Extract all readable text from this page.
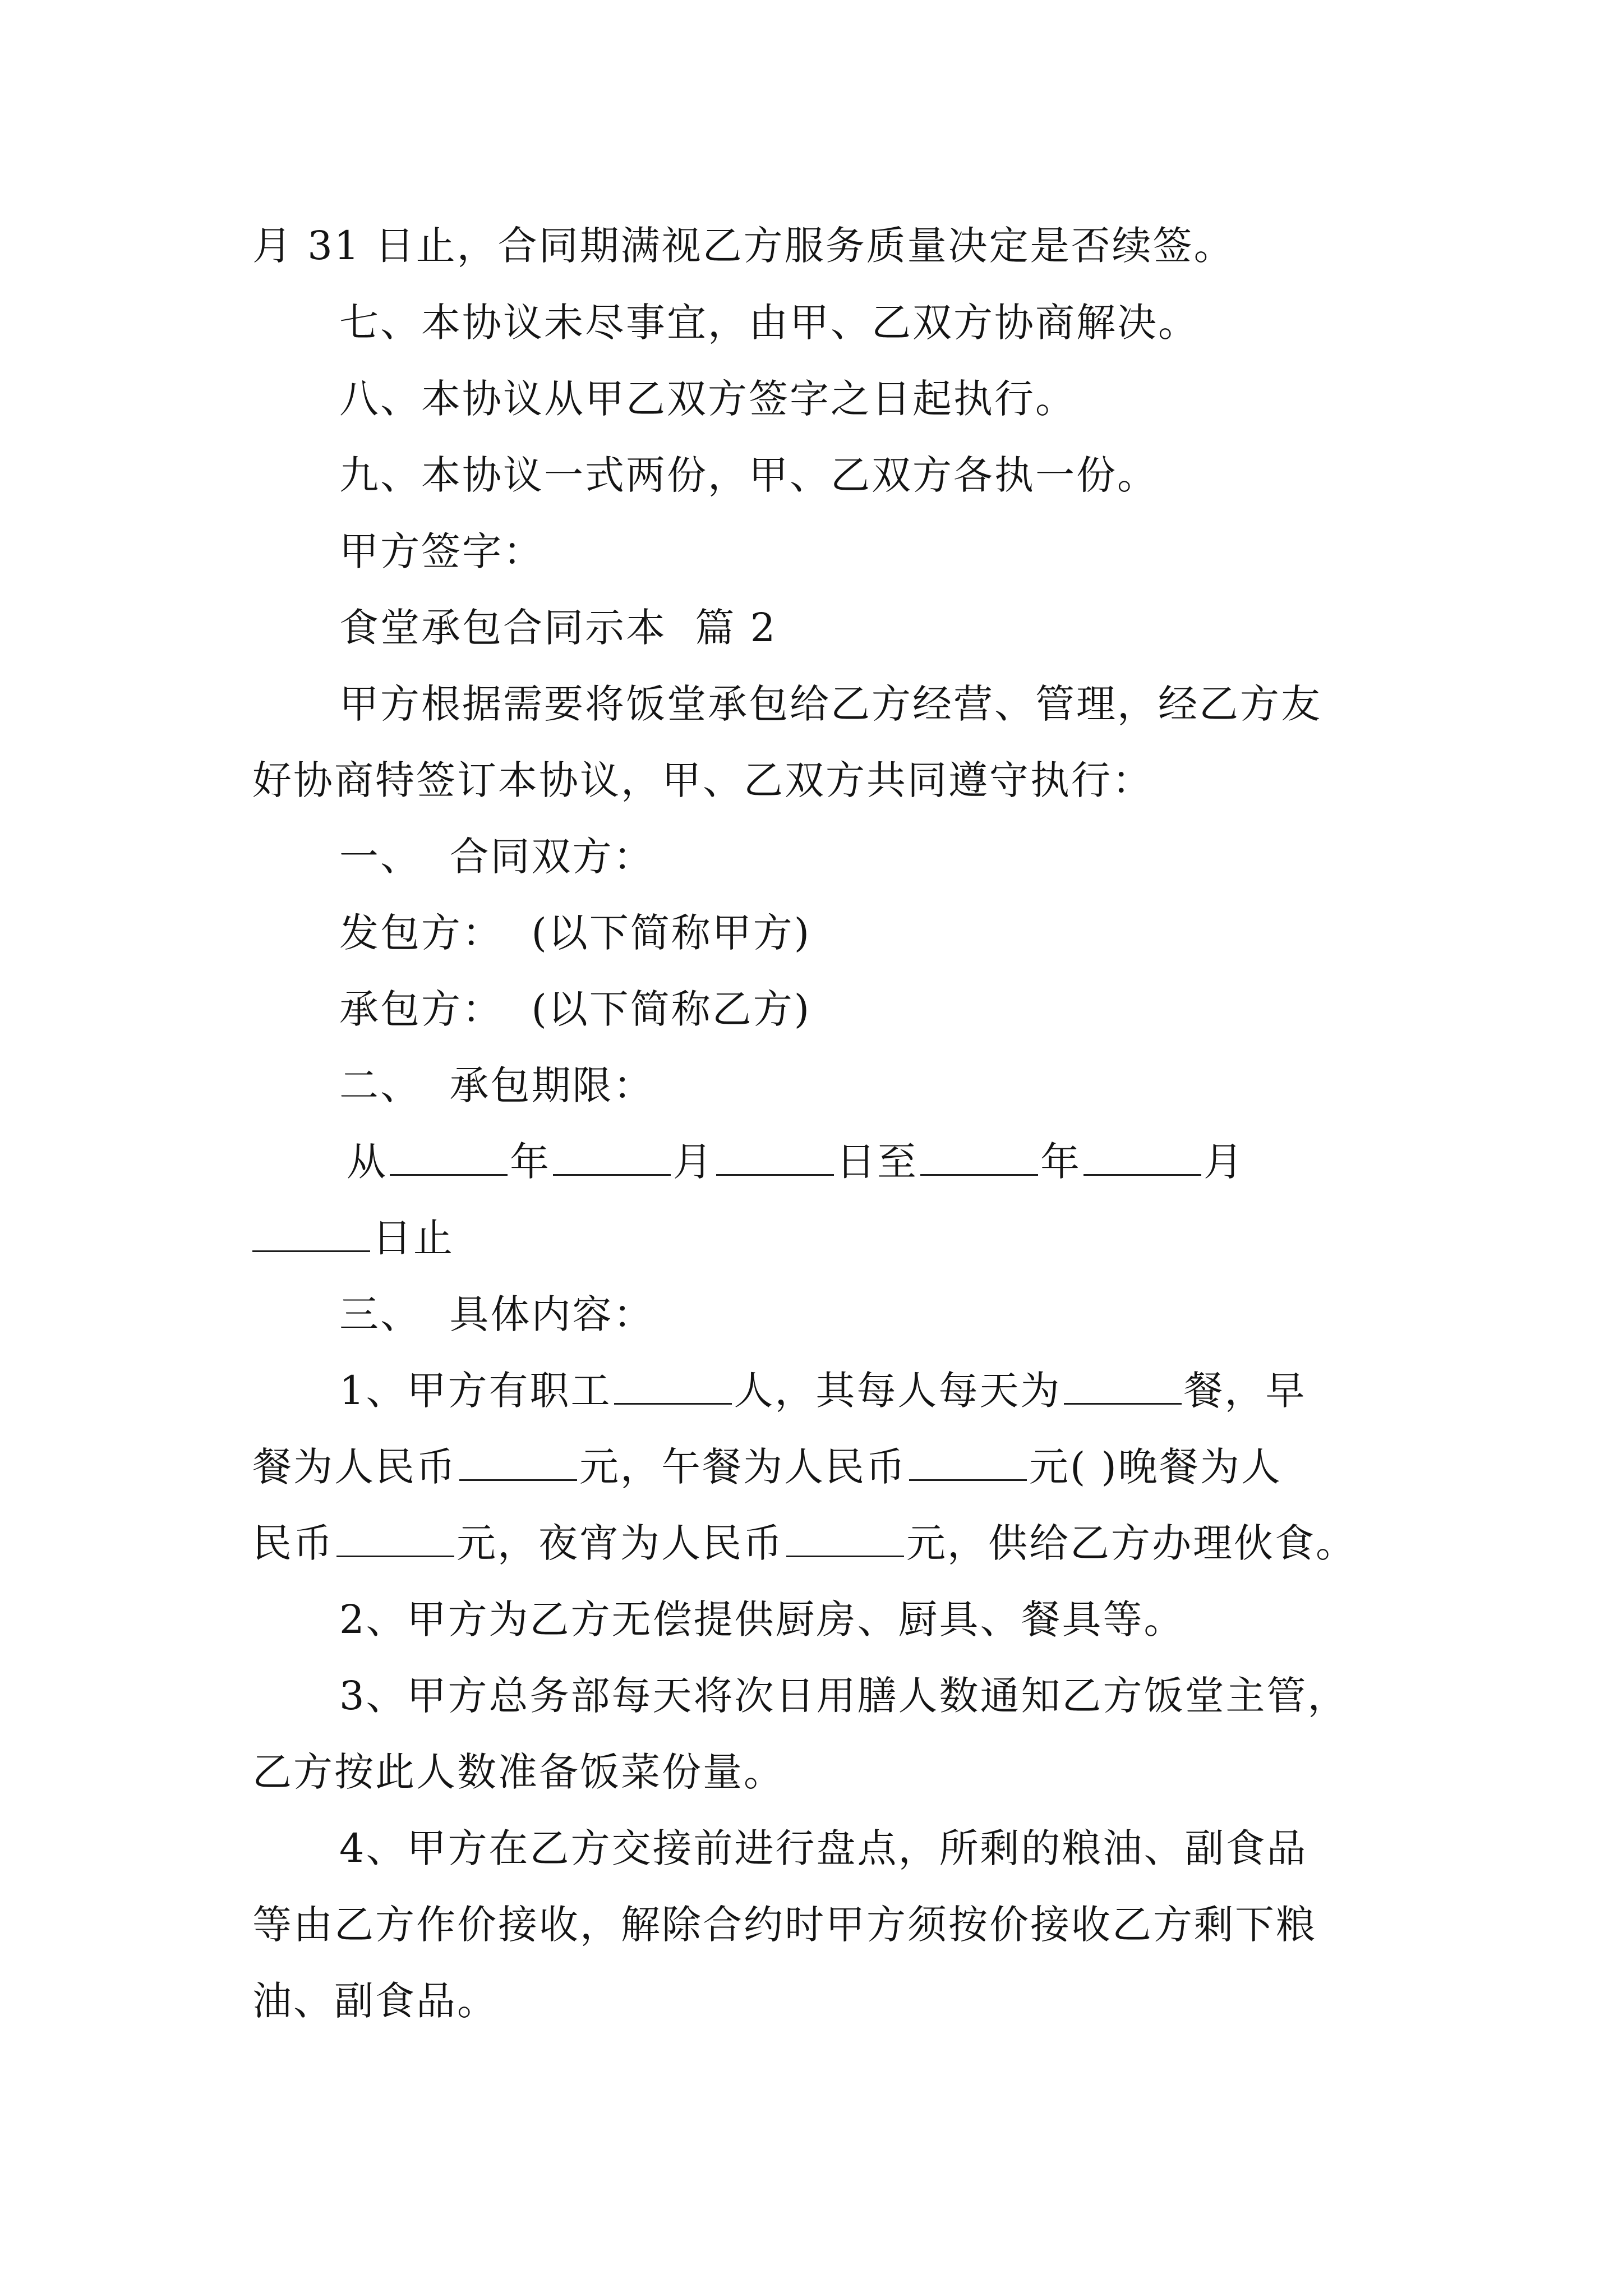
月 31 日止，合同期满视乙方服务质量决定是否续签。
七、本协议未尽事宜，由甲、乙双方协商解决。
八、本协议从甲乙双方签字之日起执行。
九、本协议一式两份，甲、乙双方各执一份。
甲方签字：
食堂承包合同示本  篇 2
甲方根据需要将饭堂承包给乙方经营、管理，经乙方友
好协商特签订本协议，甲、乙双方共同遵守执行：
一、  合同双方：
发包方：  (以下简称甲方)
承包方：  (以下简称乙方)
二、  承包期限：
从	年	月	日至	年	月
日止
三、  具体内容：
1、甲方有职工	人，其每人每天为	餐，早
餐为人民币	元，午餐为人民币	元( )晚餐为人
民币	元，夜宵为人民币	元，供给乙方办理伙食。
2、甲方为乙方无偿提供厨房、厨具、餐具等。
3、甲方总务部每天将次日用膳人数通知乙方饭堂主管，
乙方按此人数准备饭菜份量。
4、甲方在乙方交接前进行盘点，所剩的粮油、副食品
等由乙方作价接收，解除合约时甲方须按价接收乙方剩下粮
油、副食品。
